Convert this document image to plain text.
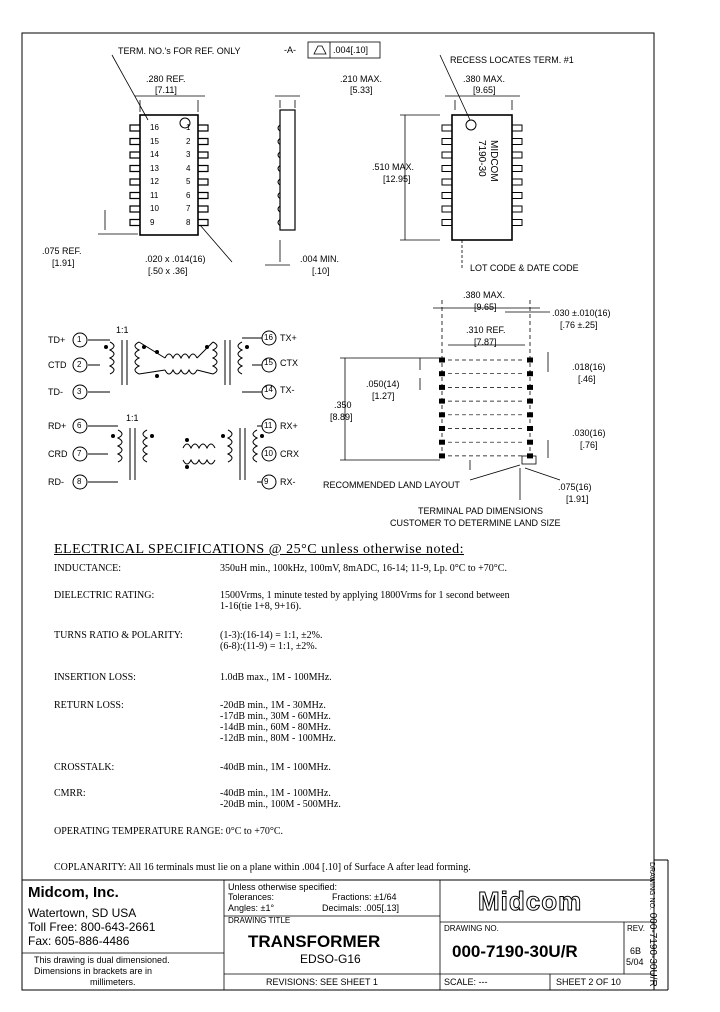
TERM. NO.'s FOR REF. ONLY	-A-	.004[.10]
.280 REF.
[7.11]
.210 MAX.
[5.33]
RECESS LOCATES TERM. #1
.380 MAX.
[9.65]
.510 MAX.
[12.95]
.075 REF.
[1.91]	.020 x .014(16)
[.50 x .36]
.004 MIN.
[.10]	LOT CODE & DATE CODE
MIDCOM
7190-30
16
15
14
13
12
11
10
9
1
2
3
4
5
6
7
8
1:1
1:1
TD+ 1	16 TX+
RD+ 6	11 RX+
CTD 2	15 CTX
CRD 7	10 CRX
TD- 3	14 TX-
RD- 8	9 RX-
.380 MAX.
[9.65]
.030 ±.010(16)
[.76 ±.25]
.310 REF.
[7.87]
.018(16)
[.46]
.050(14)
[1.27]
.350
[8.89]
.030(16)
[.76]
.075(16)
[1.91]
RECOMMENDED LAND LAYOUT
TERMINAL PAD DIMENSIONS
CUSTOMER TO DETERMINE LAND SIZE
ELECTRICAL SPECIFICATIONS @ 25°C unless otherwise noted:
INDUCTANCE:	350uH min., 100kHz, 100mV, 8mADC, 16-14; 11-9, Lp. 0°C to +70°C.
DIELECTRIC RATING:	1500Vrms, 1 minute tested by applying 1800Vrms for 1 second between
1-16(tie 1+8, 9+16).
TURNS RATIO & POLARITY:	(1-3):(16-14) = 1:1, ±2%.
(6-8):(11-9) = 1:1, ±2%.
INSERTION LOSS:	1.0dB max., 1M - 100MHz.
RETURN LOSS:	-20dB min., 1M - 30MHz.
-17dB min., 30M - 60MHz.
-14dB min., 60M - 80MHz.
-12dB min., 80M - 100MHz.
CROSSTALK:	-40dB min., 1M - 100MHz.
CMRR:	-40dB min., 1M - 100MHz.
-20dB min., 100M - 500MHz.
OPERATING TEMPERATURE RANGE: 0°C to +70°C.
COPLANARITY: All 16 terminals must lie on a plane within .004 [.10] of Surface A after lead forming.
Midcom, Inc.
Watertown, SD USA
Toll Free: 800-643-2661
Fax: 605-886-4486
This drawing is dual dimensioned.
Dimensions in brackets are in
millimeters.
Unless otherwise specified:
Tolerances:	Fractions: ±1/64
Angles: ±1°	Decimals: .005[.13]
DRAWING TITLE
TRANSFORMER
EDSO-G16
REVISIONS: SEE SHEET 1
Midcom
DRAWING NO.
000-7190-30U/R
REV.
6B
5/04
SCALE: ---	SHEET 2 OF 10
DRAWING NO. 000-7190-30U/R
